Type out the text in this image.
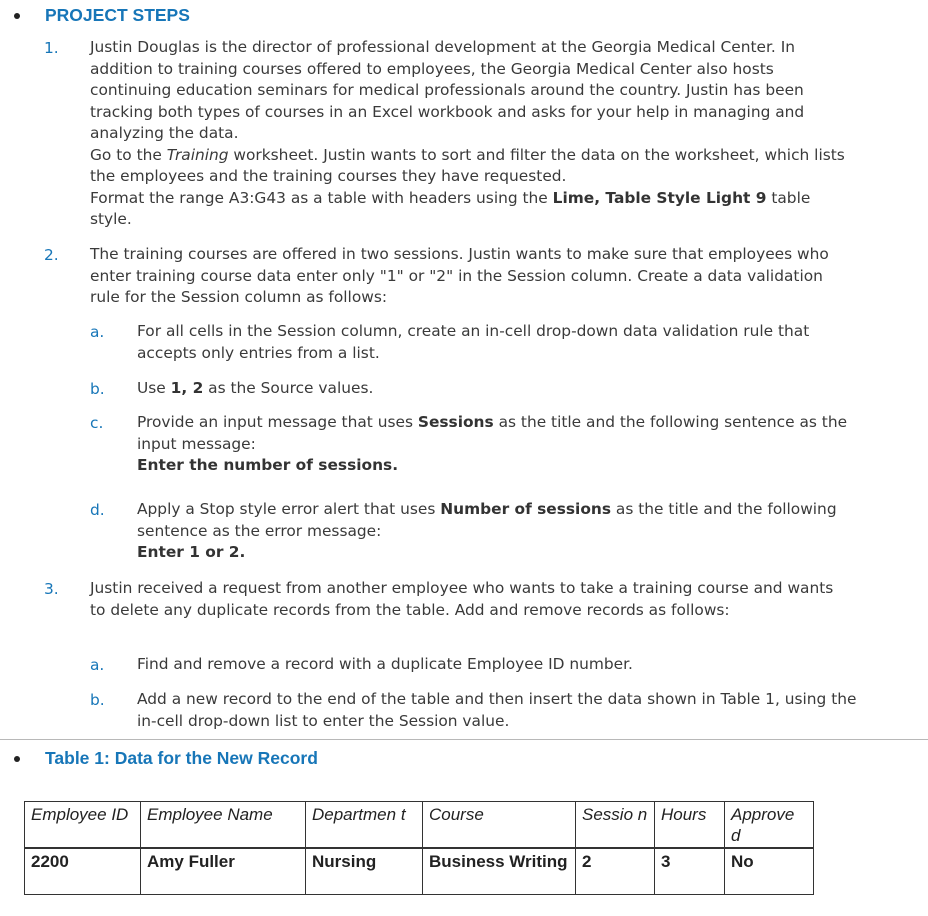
PROJECT STEPS
1. Justin Douglas is the director of professional development at the Georgia Medical Center. In addition to training courses offered to employees, the Georgia Medical Center also hosts continuing education seminars for medical professionals around the country. Justin has been tracking both types of courses in an Excel workbook and asks for your help in managing and analyzing the data.
Go to the Training worksheet. Justin wants to sort and filter the data on the worksheet, which lists the employees and the training courses they have requested.
Format the range A3:G43 as a table with headers using the Lime, Table Style Light 9 table style.
2. The training courses are offered in two sessions. Justin wants to make sure that employees who enter training course data enter only "1" or "2" in the Session column. Create a data validation rule for the Session column as follows:
a. For all cells in the Session column, create an in-cell drop-down data validation rule that accepts only entries from a list.
b. Use 1, 2 as the Source values.
c. Provide an input message that uses Sessions as the title and the following sentence as the input message:
Enter the number of sessions.
d. Apply a Stop style error alert that uses Number of sessions as the title and the following sentence as the error message:
Enter 1 or 2.
3. Justin received a request from another employee who wants to take a training course and wants to delete any duplicate records from the table. Add and remove records as follows:
a. Find and remove a record with a duplicate Employee ID number.
b. Add a new record to the end of the table and then insert the data shown in Table 1, using the in-cell drop-down list to enter the Session value.
Table 1: Data for the New Record
Employee ID	Employee Name	Departmen t	Course	Sessio n	Hours	Approve d
2200	Amy Fuller	Nursing	Business Writing	2	3	No
